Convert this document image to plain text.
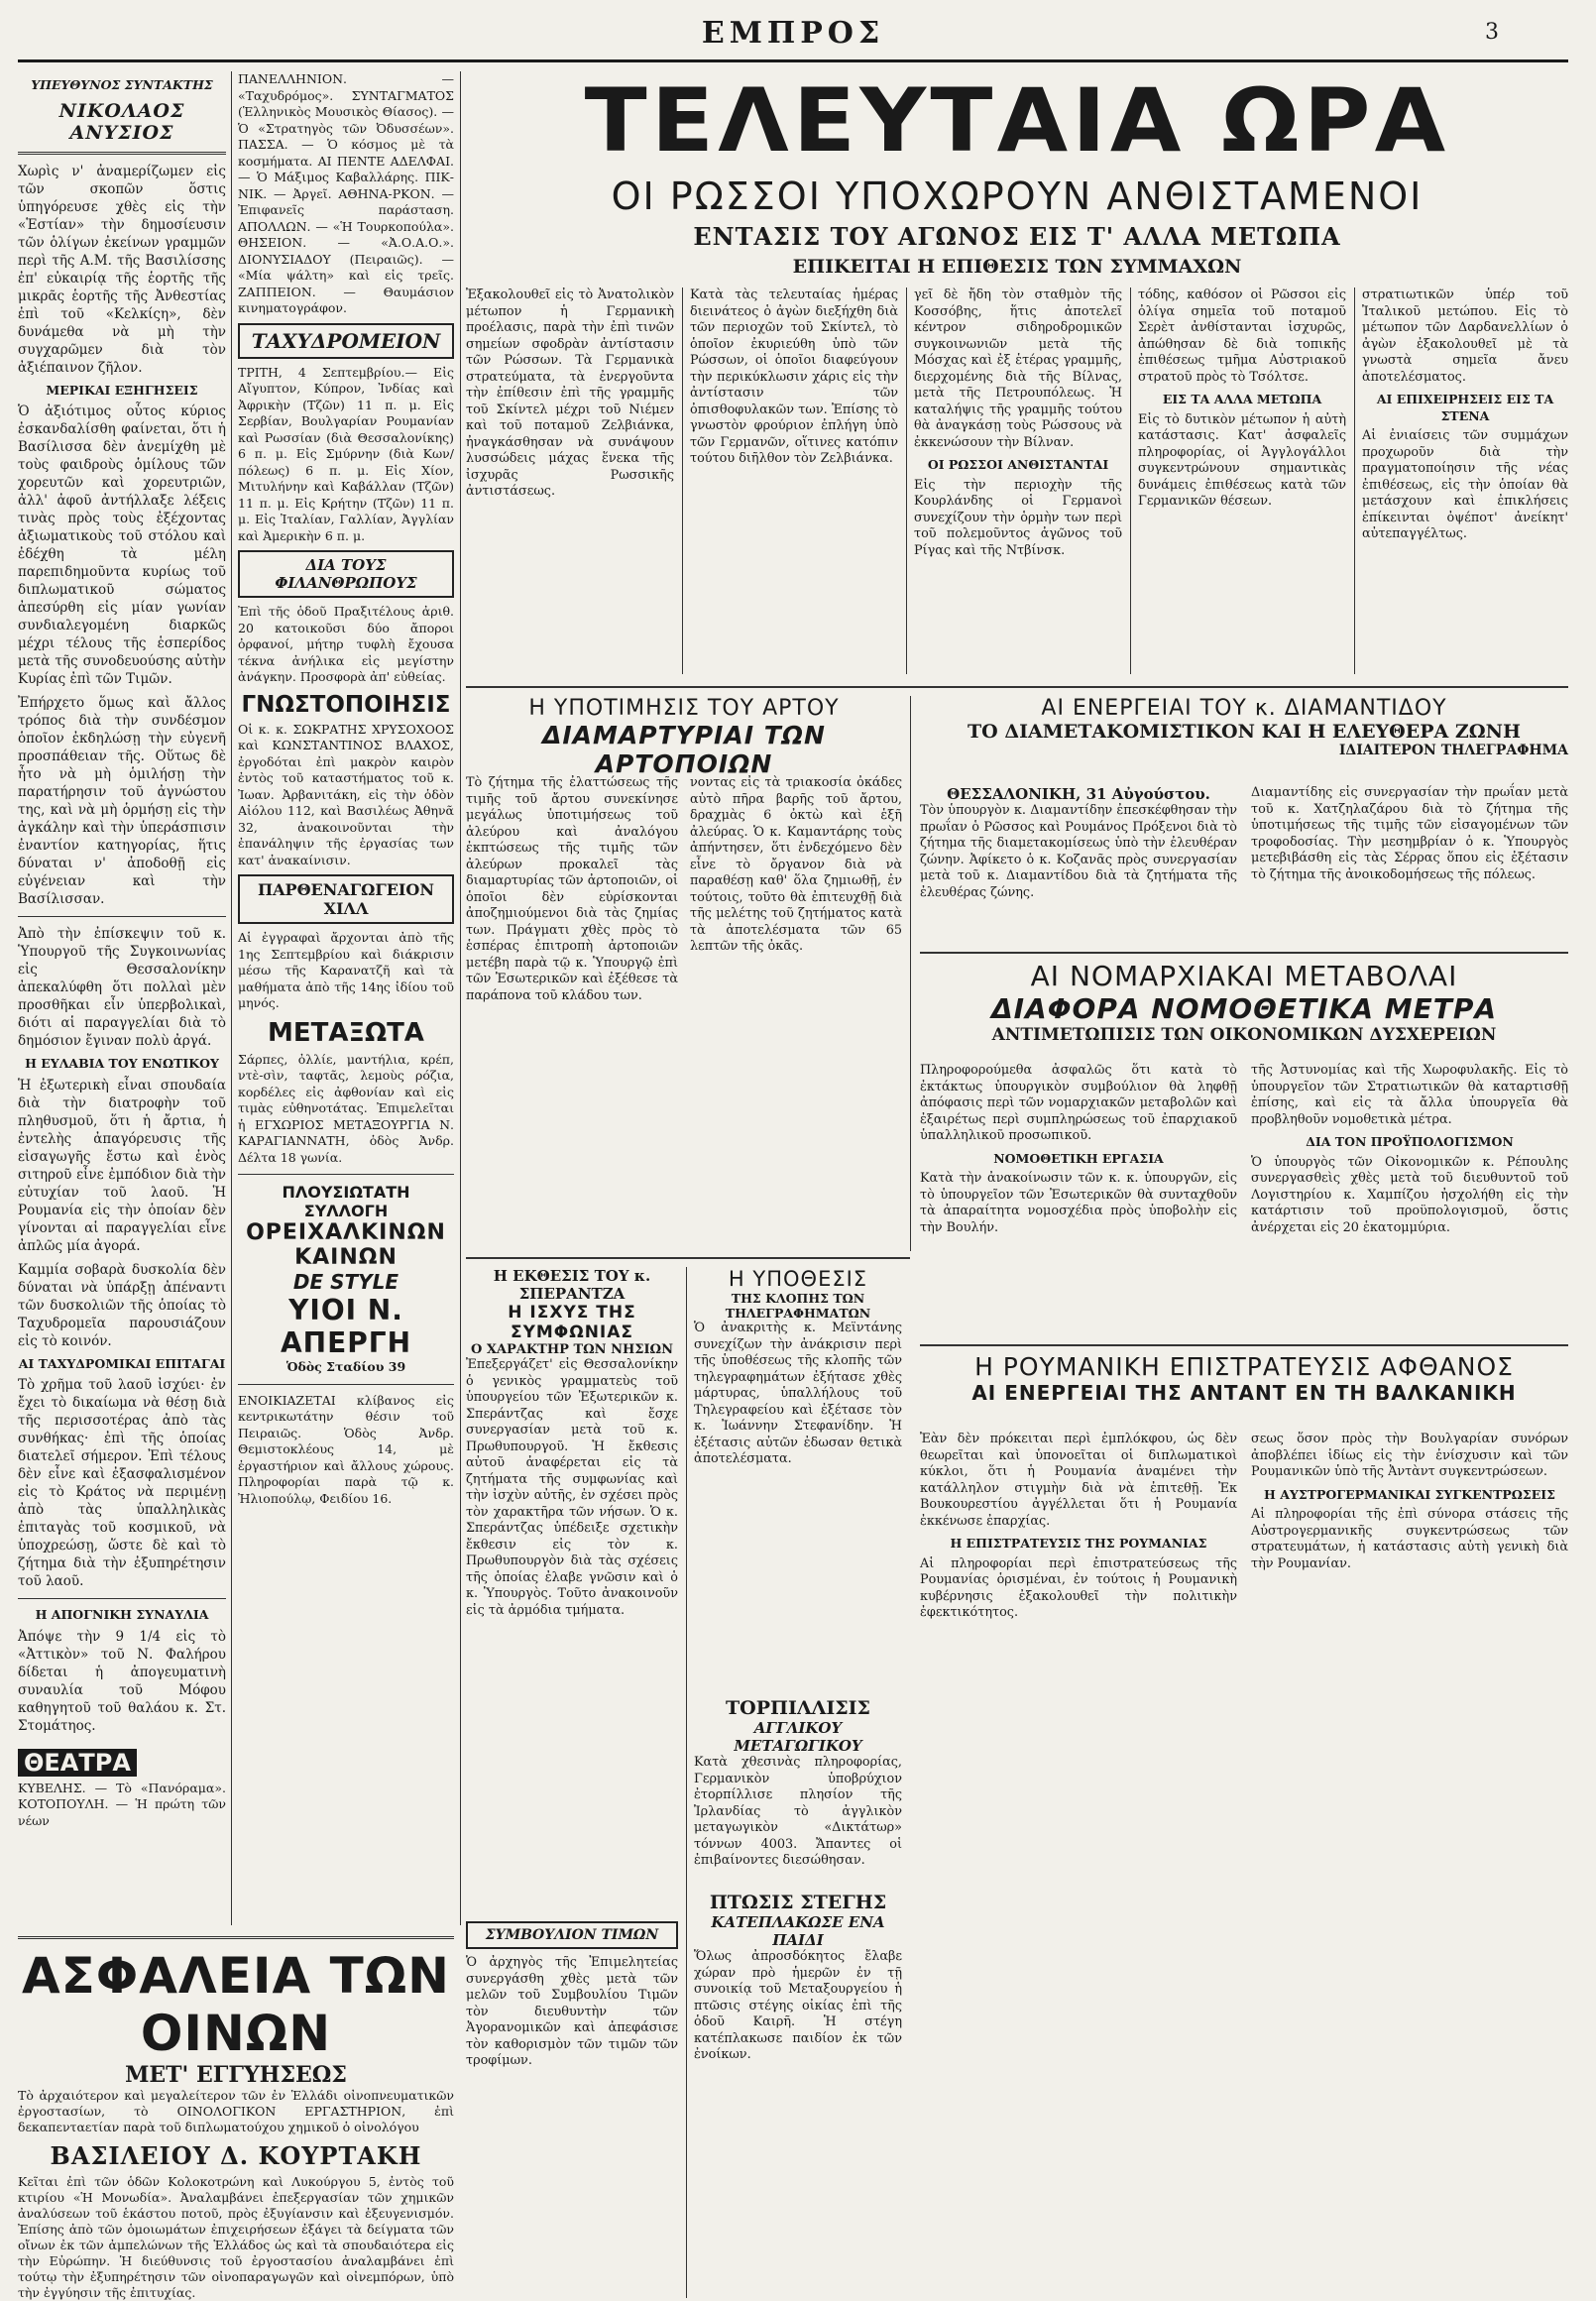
ΕΜΠΡΟΣ	3
ΥΠΕΥΘΥΝΟΣ ΣΥΝΤΑΚΤΗΣ
ΝΙΚΟΛΑΟΣ ΑΝΥΣΙΟΣ

Χωρὶς ν' ἀναμερίζωμεν εἰς τῶν σκοπῶν ὅστις ὑπηγόρευσε χθὲς εἰς τὴν «Ἑστίαν» τὴν δημοσίευσιν τῶν ὁλίγων ἐκείνων γραμμῶν περὶ τῆς Α.Μ. τῆς Βασιλίσσης ἐπ' εὐκαιρίᾳ τῆς ἑορτῆς τῆς μικρᾶς ἑορτῆς τῆς Ἀνθεστίας ἐπὶ τοῦ «Κελκίςη», δὲν δυνάμεθα νὰ μὴ τὴν συγχαρῶμεν διὰ τὸν ἀξιέπαινον ζῆλον.

ΜΕΡΙΚΑΙ ΕΞΗΓΗΣΕΙΣ

Ὁ ἀξιότιμος οὗτος κύριος ἐσκανδαλίσθη φαίνεται, ὅτι ἡ Βασίλισσα δὲν ἀνεμίχθη μὲ τοὺς φαιδροὺς ὁμίλους τῶν χορευτῶν καὶ χορευτριῶν, ἀλλ' ἀφοῦ ἀντήλλαξε λέξεις τινὰς πρὸς τοὺς ἐξέχοντας ἀξιωματικοὺς τοῦ στόλου καὶ ἐδέχθη τὰ μέλη παρεπιδημοῦντα κυρίως τοῦ διπλωματικοῦ σώματος ἀπεσύρθη εἰς μίαν γωνίαν συνδιαλεγομένη διαρκῶς μέχρι τέλους τῆς ἑσπερίδος μετὰ τῆς συνοδευούσης αὐτὴν Κυρίας ἐπὶ τῶν Τιμῶν.

Ἐπήρχετο ὅμως καὶ ἄλλος τρόπος διὰ τὴν συνδέσμον ὁποῖον ἐκδηλώσῃ τὴν εὐγενῆ προσπάθειαν τῆς. Οὕτως δὲ ἦτο νὰ μὴ ὁμιλήσῃ τὴν παρατήρησιν τοῦ ἀγνώστου της, καὶ νὰ μὴ ὁρμήσῃ εἰς τὴν ἀγκάλην καὶ τὴν ὑπεράσπισιν ἐναντίον κατηγορίας, ἥτις δύναται ν' ἀποδοθῇ εἰς εὐγένειαν καὶ τὴν Βασίλισσαν.

Ἀπὸ τὴν ἐπίσκεψιν τοῦ κ. Ὑπουργοῦ τῆς Συγκοινωνίας εἰς Θεσσαλονίκην ἀπεκαλύφθη ὅτι πολλαὶ μὲν προσθῆκαι εἶν ὑπερβολικαὶ, διότι αἱ παραγγελίαι διὰ τὸ δημόσιον ἔγιναν πολὺ ἀργά.

Η ΕΥΛΑΒΙΑ ΤΟΥ ΕΝΩΤΙΚΟΥ

Ἡ ἐξωτερικὴ εἶναι σπουδαία διὰ τὴν διατροφὴν τοῦ πληθυσμοῦ, ὅτι ἡ ἄρτια, ἡ ἐντελὴς ἀπαγόρευσις τῆς εἰσαγωγῆς ἔστω καὶ ἑνὸς σιτηροῦ εἶνε ἐμπόδιον διὰ τὴν εὐτυχίαν τοῦ λαοῦ. Ἡ Ρουμανία εἰς τὴν ὁποίαν δὲν γίνονται αἱ παραγγελίαι εἶνε ἀπλῶς μία ἀγορά.

Καμμία σοβαρὰ δυσκολία δὲν δύναται νὰ ὑπάρξῃ ἀπέναντι τῶν δυσκολιῶν τῆς ὁποίας τὸ Ταχυδρομεῖα παρουσιάζουν εἰς τὸ κοινόν.

ΑΙ ΤΑΧΥΔΡΟΜΙΚΑΙ ΕΠΙΤΑΓΑΙ

Τὸ χρῆμα τοῦ λαοῦ ἰσχύει· ἐν ἔχει τὸ δικαίωμα νὰ θέσῃ διὰ τῆς περισσοτέρας ἀπὸ τὰς συνθήκας· ἐπὶ τῆς ὁποίας διατελεῖ σήμερον. Ἐπὶ τέλους δὲν εἶνε καὶ ἐξασφαλισμένον εἰς τὸ Κράτος νὰ περιμένῃ ἀπὸ τὰς ὑπαλληλικὰς ἐπιταγὰς τοῦ κοσμικοῦ, νὰ ὑποχρεώσῃ, ὥστε δὲ καὶ τὸ ζήτημα διὰ τὴν ἐξυπηρέτησιν τοῦ λαοῦ.

Η ΑΠΟΓΝΙΚΗ ΣΥΝΑΥΛΙΑ

Ἀπόψε τὴν 9 1/4 εἰς τὸ «Ἀττικὸν» τοῦ Ν. Φαλήρου δίδεται ἡ ἀπογευματινὴ συναυλία τοῦ Μόφου καθηγητοῦ τοῦ θαλάου κ. Στ. Στομάτηος.

ΘΕΑΤΡΑ

ΚΥΒΕΛΗΣ. — Τὸ «Πανόραμα». ΚΟΤΟΠΟΥΛΗ. — Ἡ πρώτη τῶν νέων

ΠΑΝΕΛΛΗΝΙΟΝ. — «Ταχυδρόμος». ΣΥΝΤΑΓΜΑΤΟΣ (Ἑλληνικὸς Μουσικὸς Θίασος). — Ὁ «Στρατηγὸς τῶν Ὀδυσσέων». ΠΑΣΣΑ. — Ὁ κόσμος μὲ τὰ κοσμήματα. ΑΙ ΠΕΝΤΕ ΑΔΕΛΦΑΙ. — Ὁ Μάξιμος Καβαλλάρης. ΠΙΚ-ΝΙΚ. — Ἀργεῖ. ΑΘΗΝΑ-ΡΚΟΝ. — Ἐπιφανεῖς παράσταση. ΑΠΟΛΛΩΝ. — «Ἡ Τουρκοπούλα». ΘΗΣΕΙΟΝ. — «Ἀ.Ο.Α.Ο.». ΔΙΟΝΥΣΙΑΔΟΥ (Πειραιῶς). — «Μία ψάλτη» καὶ εἰς τρεῖς. ΖΑΠΠΕΙΟΝ. — Θαυμάσιον κινηματογράφον.

ΤΑΧΥΔΡΟΜΕΙΟΝ

ΤΡΙΤΗ, 4 Σεπτεμβρίου.— Εἰς Αἴγυπτον, Κύπρον, Ἰνδίας καὶ Ἀφρικὴν (Τζῶν) 11 π. μ. Εἰς Σερβίαν, Βουλγαρίαν Ρουμανίαν καὶ Ρωσσίαν (διὰ Θεσσαλονίκης) 6 π. μ. Εἰς Σμύρνην (διὰ Κων/πόλεως) 6 π. μ. Εἰς Χίον, Μιτυλήνην καὶ Καβάλλαν (Τζῶν) 11 π. μ. Εἰς Κρήτην (Τζῶν) 11 π. μ. Εἰς Ἰταλίαν, Γαλλίαν, Ἀγγλίαν καὶ Ἀμερικὴν 6 π. μ.

ΔΙΑ ΤΟΥΣ ΦΙΛΑΝΘΡΩΠΟΥΣ

Ἐπὶ τῆς ὁδοῦ Πραξιτέλους ἀριθ. 20 κατοικοῦσι δύο ἄποροι ὀρφανοί, μήτηρ τυφλὴ ἔχουσα τέκνα ἀνήλικα εἰς μεγίστην ἀνάγκην. Προσφορὰ ἀπ' εὐθείας.

ΓΝΩΣΤΟΠΟΙΗΣΙΣ

Οἱ κ. κ. ΣΩΚΡΑΤΗΣ ΧΡΥΣΟΧΟΟΣ καὶ ΚΩΝΣΤΑΝΤΙΝΟΣ ΒΛΑΧΟΣ, ἐργοδόται ἐπὶ μακρὸν καιρὸν ἐντὸς τοῦ καταστήματος τοῦ κ. Ἰωαν. Ἀρβανιτάκη, εἰς τὴν ὁδὸν Αἰόλου 112, καὶ Βασιλέως Ἀθηνᾶ 32, ἀνακοινοῦνται τὴν ἐπανάληψιν τῆς ἐργασίας των κατ' ἀνακαίνισιν.

ΠΑΡΘΕΝΑΓΩΓΕΙΟΝ ΧΙΛΛ

Αἱ ἐγγραφαὶ ἄρχονται ἀπὸ τῆς 1ης Σεπτεμβρίου καὶ διάκρισιν μέσω τῆς Καρανατζῆ καὶ τὰ μαθήματα ἀπὸ τῆς 14ης ἰδίου τοῦ μηνός.

ΜΕΤΑΞΩΤΑ

Σάρπες, ὀλλίε, μαντήλια, κρέπ, ντὲ-σὶν, ταφτᾶς, λεμοὺς ρόζια, κορδέλες εἰς ἀφθονίαν καὶ εἰς τιμὰς εὐθηνοτάτας. Ἐπιμελεῖται ἡ ΕΓΧΩΡΙΟΣ ΜΕΤΑΞΟΥΡΓΙΑ Ν. ΚΑΡΑΓΙΑΝΝΑΤΗ, ὁδὸς Ἀνδρ. Δέλτα 18 γωνία.

ΠΛΟΥΣΙΩΤΑΤΗ ΣΥΛΛΟΓΗ
ΟΡΕΙΧΑΛΚΙΝΩΝ ΚΑΙΝΩΝ
DE STYLE
ΥΙΟΙ Ν. ΑΠΕΡΓΗ
Ὁδὸς Σταδίου 39

ΕΝΟΙΚΙΑΖΕΤΑΙ κλίβανος εἰς κεντρικωτάτην θέσιν τοῦ Πειραιῶς. Ὁδὸς Ἀνδρ. Θεμιστοκλέους 14, μὲ ἐργαστήριον καὶ ἄλλους χώρους. Πληροφορίαι παρὰ τῷ κ. Ἠλιοπούλῳ, Φειδίου 16.

ΑΣΦΑΛΕΙΑ ΤΩΝ ΟΙΝΩΝ
ΜΕΤ' ΕΓΓΥΗΣΕΩΣ

Τὸ ἀρχαιότερον καὶ μεγαλείτερον τῶν ἐν Ἑλλάδι οἰνοπνευματικῶν ἐργοστασίων, τὸ ΟΙΝΟΛΟΓΙΚΟΝ ΕΡΓΑΣΤΗΡΙΟΝ, ἐπὶ δεκαπενταετίαν παρὰ τοῦ διπλωματούχου χημικοῦ ὁ οἰνολόγου

ΒΑΣΙΛΕΙΟΥ Δ. ΚΟΥΡΤΑΚΗ

Κεῖται ἐπὶ τῶν ὁδῶν Κολοκοτρώνη καὶ Λυκούργου 5, ἐντὸς τοῦ κτιρίου «Ἡ Μονωδία». Ἀναλαμβάνει ἐπεξεργασίαν τῶν χημικῶν ἀναλύσεων τοῦ ἑκάστου ποτοῦ, πρὸς ἐξυγίανσιν καὶ ἐξευγενισμόν. Ἐπίσης ἀπὸ τῶν ὁμοιωμάτων ἐπιχειρήσεων ἐξάγει τὰ δείγματα τῶν οἴνων ἐκ τῶν ἀμπελώνων τῆς Ἑλλάδος ὡς καὶ τὰ σπουδαιότερα εἰς τὴν Εὐρώπην. Ἡ διεύθυνσις τοῦ ἐργοστασίου ἀναλαμβάνει ἐπὶ τούτῳ τὴν ἐξυπηρέτησιν τῶν οἰνοπαραγωγῶν καὶ οἰνεμπόρων, ὑπὸ τὴν ἐγγύησιν τῆς ἐπιτυχίας.

ΤΕΛΕΥΤΑΙΑ ΩΡΑ
ΟΙ ΡΩΣΣΟΙ ΥΠΟΧΩΡΟΥΝ ΑΝΘΙΣΤΑΜΕΝΟΙ
ΕΝΤΑΣΙΣ ΤΟΥ ΑΓΩΝΟΣ ΕΙΣ Τ' ΑΛΛΑ ΜΕΤΩΠΑ
ΕΠΙΚΕΙΤΑΙ Η ΕΠΙΘΕΣΙΣ ΤΩΝ ΣΥΜΜΑΧΩΝ

Ἐξακολουθεῖ εἰς τὸ Ἀνατολικὸν μέτωπον ἡ Γερμανικὴ προέλασις, παρὰ τὴν ἐπὶ τινῶν σημείων σφοδρὰν ἀντίστασιν τῶν Ρώσσων. Τὰ Γερμανικὰ στρατεύματα, τὰ ἐνεργοῦντα τὴν ἐπίθεσιν ἐπὶ τῆς γραμμῆς τοῦ Σκίντελ μέχρι τοῦ Νιέμεν καὶ τοῦ ποταμοῦ Ζελβιάνκα, ἠναγκάσθησαν νὰ συνάψουν λυσσώδεις μάχας ἕνεκα τῆς ἰσχυρᾶς Ρωσσικῆς ἀντιστάσεως.

Κατὰ τὰς τελευταίας ἡμέρας διεινάτεος ὁ ἀγὼν διεξήχθη διὰ τῶν περιοχῶν τοῦ Σκίντελ, τὸ ὁποῖον ἐκυριεύθη ὑπὸ τῶν Ρώσσων, οἱ ὁποῖοι διαφεύγουν τὴν περικύκλωσιν χάρις εἰς τὴν ἀντίστασιν τῶν ὀπισθοφυλακῶν των. Ἐπίσης τὸ γνωστὸν φρούριον ἐπλήγη ὑπὸ τῶν Γερμανῶν, οἵτινες κατόπιν τούτου διῆλθον τὸν Ζελβιάνκα.

γεῖ δὲ ἤδη τὸν σταθμὸν τῆς Κοσσόβης, ἥτις ἀποτελεῖ κέντρον σιδηροδρομικῶν συγκοινωνιῶν μετὰ τῆς Μόσχας καὶ ἐξ ἑτέρας γραμμῆς, διερχομένης διὰ τῆς Βίλνας, μετὰ τῆς Πετρουπόλεως. Ἡ καταλήψις τῆς γραμμῆς τούτου θὰ ἀναγκάσῃ τοὺς Ρώσσους νὰ ἐκκενώσουν τὴν Βίλναν.

ΟΙ ΡΩΣΣΟΙ ΑΝΘΙΣΤΑΝΤΑΙ

Εἰς τὴν περιοχὴν τῆς Κουρλάνδης οἱ Γερμανοὶ συνεχίζουν τὴν ὁρμὴν των περὶ τοῦ πολεμοῦντος ἀγῶνος τοῦ Ρίγας καὶ τῆς Ντβίνσκ.

τόδης, καθόσον οἱ Ρῶσσοι εἰς ὀλίγα σημεῖα τοῦ ποταμοῦ Σερὲτ ἀνθίστανται ἰσχυρῶς, ἀπώθησαν δὲ διὰ τοπικῆς ἐπιθέσεως τμῆμα Αὐστριακοῦ στρατοῦ πρὸς τὸ Τσόλτσε.

ΕΙΣ ΤΑ ΑΛΛΑ ΜΕΤΩΠΑ

Εἰς τὸ δυτικὸν μέτωπον ἡ αὐτὴ κατάστασις. Κατ' ἀσφαλεῖς πληροφορίας, οἱ Ἀγγλογάλλοι συγκεντρώνουν σημαντικὰς δυνάμεις ἐπιθέσεως κατὰ τῶν Γερμανικῶν θέσεων.

στρατιωτικῶν ὑπέρ τοῦ Ἰταλικοῦ μετώπου. Εἰς τὸ μέτωπον τῶν Δαρδανελλίων ὁ ἀγὼν ἐξακολουθεῖ μὲ τὰ γνωστὰ σημεῖα ἄνευ ἀποτελέσματος.

ΑΙ ΕΠΙΧΕΙΡΗΣΕΙΣ ΕΙΣ ΤΑ ΣΤΕΝΑ

Αἱ ἐνιαίσεις τῶν συμμάχων προχωροῦν διὰ τὴν πραγματοποίησιν τῆς νέας ἐπιθέσεως, εἰς τὴν ὁποίαν θὰ μετάσχουν καὶ ἐπικλήσεις ἐπίκεινται ὀψέποτ' ἀνείκητ' αὐτεπαγγέλτως.

Η ΥΠΟΤΙΜΗΣΙΣ ΤΟΥ ΑΡΤΟΥ
ΔΙΑΜΑΡΤΥΡΙΑΙ ΤΩΝ ΑΡΤΟΠΟΙΩΝ

Τὸ ζήτημα τῆς ἐλαττώσεως τῆς τιμῆς τοῦ ἄρτου συνεκίνησε μεγάλως ὑποτιμήσεως τοῦ ἀλεύρου καὶ ἀναλόγου ἐκπτώσεως τῆς τιμῆς τῶν ἀλεύρων προκαλεῖ τὰς διαμαρτυρίας τῶν ἀρτοποιῶν, οἱ ὁποῖοι δὲν εὑρίσκονται ἀποζημιούμενοι διὰ τὰς ζημίας των. Πράγματι χθὲς πρὸς τὸ ἑσπέρας ἐπιτροπὴ ἀρτοποιῶν μετέβη παρὰ τῷ κ. Ὑπουργῷ ἐπὶ τῶν Ἐσωτερικῶν καὶ ἐξέθεσε τὰ παράπονα τοῦ κλάδου των.

νοντας εἰς τὰ τριακοσία ὀκάδες αὐτὸ πῆρα βαρῆς τοῦ ἄρτου, δραχμὰς 6 ὀκτὼ καὶ ἑξῆ ἀλεύρας. Ὁ κ. Καμαντάρης τοὺς ἀπήντησεν, ὅτι ἐνδεχόμενο δὲν εἶνε τὸ ὄργανον διὰ νὰ παραθέσῃ καθ' ὅλα ζημιωθῇ, ἐν τούτοις, τοῦτο θὰ ἐπιτευχθῇ διὰ τῆς μελέτης τοῦ ζητήματος κατὰ τὰ ἀποτελέσματα τῶν 65 λεπτῶν τῆς ὀκᾶς.

ΑΙ ΕΝΕΡΓΕΙΑΙ ΤΟΥ κ. ΔΙΑΜΑΝΤΙΔΟΥ
ΤΟ ΔΙΑΜΕΤΑΚΟΜΙΣΤΙΚΟΝ ΚΑΙ Η ΕΛΕΥΘΕΡΑ ΖΩΝΗ
ΙΔΙΑΙΤΕΡΟΝ ΤΗΛΕΓΡΑΦΗΜΑ
ΘΕΣΣΑΛΟΝΙΚΗ, 31 Αὐγούστου.

Τὸν ὑπουργὸν κ. Διαμαντίδην ἐπεσκέφθησαν τὴν πρωΐαν ὁ Ρῶσσος καὶ Ρουμάνος Πρόξενοι διὰ τὸ ζήτημα τῆς διαμετακομίσεως ὑπὸ τὴν ἐλευθέραν ζώνην. Ἀφίκετο ὁ κ. Κοζανᾶς πρὸς συνεργασίαν μετὰ τοῦ κ. Διαμαντίδου διὰ τὰ ζητήματα τῆς ἐλευθέρας ζώνης.

Διαμαντίδης εἰς συνεργασίαν τὴν πρωΐαν μετὰ τοῦ κ. Χατζηλαζάρου διὰ τὸ ζήτημα τῆς ὑποτιμήσεως τῆς τιμῆς τῶν εἰσαγομένων τῶν τροφοδοσίας. Τὴν μεσημβρίαν ὁ κ. Ὑπουργὸς μετεβιβάσθη εἰς τὰς Σέρρας ὅπου εἰς ἐξέτασιν τὸ ζήτημα τῆς ἀνοικοδομήσεως τῆς πόλεως.

ΑΙ ΝΟΜΑΡΧΙΑΚΑΙ ΜΕΤΑΒΟΛΑΙ
ΔΙΑΦΟΡΑ ΝΟΜΟΘΕΤΙΚΑ ΜΕΤΡΑ
ΑΝΤΙΜΕΤΩΠΙΣΙΣ ΤΩΝ ΟΙΚΟΝΟΜΙΚΩΝ ΔΥΣΧΕΡΕΙΩΝ

Πληροφορούμεθα ἀσφαλῶς ὅτι κατὰ τὸ ἐκτάκτως ὑπουργικὸν συμβούλιον θὰ ληφθῇ ἀπόφασις περὶ τῶν νομαρχιακῶν μεταβολῶν καὶ ἐξαιρέτως περὶ συμπληρώσεως τοῦ ἐπαρχιακοῦ ὑπαλληλικοῦ προσωπικοῦ.

ΝΟΜΟΘΕΤΙΚΗ ΕΡΓΑΣΙΑ

Κατὰ τὴν ἀνακοίνωσιν τῶν κ. κ. ὑπουργῶν, εἰς τὸ ὑπουργεῖον τῶν Ἐσωτερικῶν θὰ συνταχθοῦν τὰ ἀπαραίτητα νομοσχέδια πρὸς ὑποβολὴν εἰς τὴν Βουλήν.

τῆς Ἀστυνομίας καὶ τῆς Χωροφυλακῆς. Εἰς τὸ ὑπουργεῖον τῶν Στρατιωτικῶν θὰ καταρτισθῇ ἐπίσης, καὶ εἰς τὰ ἄλλα ὑπουργεῖα θὰ προβληθοῦν νομοθετικὰ μέτρα.

ΔΙΑ ΤΟΝ ΠΡΟΫΠΟΛΟΓΙΣΜΟΝ

Ὁ ὑπουργὸς τῶν Οἰκονομικῶν κ. Ρέπουλης συνεργασθεὶς χθὲς μετὰ τοῦ διευθυντοῦ τοῦ Λογιστηρίου κ. Χαμπίζου ἠσχολήθη εἰς τὴν κατάρτισιν τοῦ προϋπολογισμοῦ, ὅστις ἀνέρχεται εἰς 20 ἑκατομμύρια.

Η ΕΚΘΕΣΙΣ ΤΟΥ κ. ΣΠΕΡΑΝΤΖΑ
Η ΙΣΧΥΣ ΤΗΣ ΣΥΜΦΩΝΙΑΣ
Ο ΧΑΡΑΚΤΗΡ ΤΩΝ ΝΗΣΙΩΝ

Ἐπεξεργάζετ' εἰς Θεσσαλονίκην ὁ γενικὸς γραμματεὺς τοῦ ὑπουργείου τῶν Ἐξωτερικῶν κ. Σπεράντζας καὶ ἔσχε συνεργασίαν μετὰ τοῦ κ. Πρωθυπουργοῦ. Ἡ ἔκθεσις αὐτοῦ ἀναφέρεται εἰς τὰ ζητήματα τῆς συμφωνίας καὶ τὴν ἰσχὺν αὐτῆς, ἐν σχέσει πρὸς τὸν χαρακτῆρα τῶν νήσων. Ὁ κ. Σπεράντζας ὑπέδειξε σχετικὴν ἔκθεσιν εἰς τὸν κ. Πρωθυπουργὸν διὰ τὰς σχέσεις τῆς ὁποίας ἐλαβε γνῶσιν καὶ ὁ κ. Ὑπουργὸς. Τοῦτο ἀνακοινοῦν εἰς τὰ ἀρμόδια τμήματα.

Η ΥΠΟΘΕΣΙΣ
ΤΗΣ ΚΛΟΠΗΣ ΤΩΝ ΤΗΛΕΓΡΑΦΗΜΑΤΩΝ

Ὁ ἀνακριτὴς κ. Μεϊντάνης συνεχίζων τὴν ἀνάκρισιν περὶ τῆς ὑποθέσεως τῆς κλοπῆς τῶν τηλεγραφημάτων ἐξήτασε χθὲς μάρτυρας, ὑπαλλήλους τοῦ Τηλεγραφείου καὶ ἐξέτασε τὸν κ. Ἰωάννην Στεφανίδην. Ἡ ἐξέτασις αὐτῶν ἐδωσαν θετικὰ ἀποτελέσματα.

ΤΟΡΠΙΛΛΙΣΙΣ
ΑΓΓΛΙΚΟΥ ΜΕΤΑΓΩΓΙΚΟΥ

Κατὰ χθεσινὰς πληροφορίας, Γερμανικὸν ὑποβρύχιον ἐτορπίλλισε πλησίον τῆς Ἰρλανδίας τὸ ἀγγλικὸν μεταγωγικὸν «Δικτάτωρ» τόννων 4003. Ἄπαντες οἱ ἐπιβαίνοντες διεσώθησαν.

ΣΥΜΒΟΥΛΙΟΝ ΤΙΜΩΝ

Ὁ ἀρχηγὸς τῆς Ἐπιμελητείας συνεργάσθη χθὲς μετὰ τῶν μελῶν τοῦ Συμβουλίου Τιμῶν τὸν διευθυντὴν τῶν Ἀγορανομικῶν καὶ ἀπεφάσισε τὸν καθορισμὸν τῶν τιμῶν τῶν τροφίμων.

ΠΤΩΣΙΣ ΣΤΕΓΗΣ
ΚΑΤΕΠΛΑΚΩΣΕ ΕΝΑ ΠΑΙΔΙ

Ὅλως ἀπροσδόκητος ἔλαβε χώραν πρὸ ἡμερῶν ἐν τῇ συνοικίᾳ τοῦ Μεταξουργείου ἡ πτῶσις στέγης οἰκίας ἐπὶ τῆς ὁδοῦ Καιρῆ. Ἡ στέγη κατέπλακωσε παιδίον ἐκ τῶν ἐνοίκων.

Η ΡΟΥΜΑΝΙΚΗ ΕΠΙΣΤΡΑΤΕΥΣΙΣ ΑΦΘΑΝΟΣ
ΑΙ ΕΝΕΡΓΕΙΑΙ ΤΗΣ ΑΝΤΑΝΤ ΕΝ ΤΗ ΒΑΛΚΑΝΙΚΗ

Ἐὰν δὲν πρόκειται περὶ ἐμπλόκφου, ὡς δὲν θεωρεῖται καὶ ὑπονοεῖται οἱ διπλωματικοὶ κύκλοι, ὅτι ἡ Ρουμανία ἀναμένει τὴν κατάλληλον στιγμὴν διὰ νὰ ἐπιτεθῇ. Ἐκ Βουκουρεστίου ἀγγέλλεται ὅτι ἡ Ρουμανία ἐκκένωσε ἐπαρχίας.

Η ΕΠΙΣΤΡΑΤΕΥΣΙΣ ΤΗΣ ΡΟΥΜΑΝΙΑΣ

Αἱ πληροφορίαι περὶ ἐπιστρατεύσεως τῆς Ρουμανίας ὁρισμέναι, ἐν τούτοις ἡ Ρουμανικὴ κυβέρνησις ἐξακολουθεῖ τὴν πολιτικὴν ἐφεκτικότητος.

σεως ὅσον πρὸς τὴν Βουλγαρίαν συνόρων ἀποβλέπει ἰδίως εἰς τὴν ἐνίσχυσιν καὶ τῶν Ρουμανικῶν ὑπὸ τῆς Ἀντὰντ συγκεντρώσεων.

Η ΑΥΣΤΡΟΓΕΡΜΑΝΙΚΑΙ ΣΥΓΚΕΝΤΡΩΣΕΙΣ

Αἱ πληροφορίαι τῆς ἐπὶ σύνορα στάσεις τῆς Αὐστρογερμανικῆς συγκεντρώσεως τῶν στρατευμάτων, ἡ κατάστασις αὐτὴ γενικὴ διὰ τὴν Ρουμανίαν.
